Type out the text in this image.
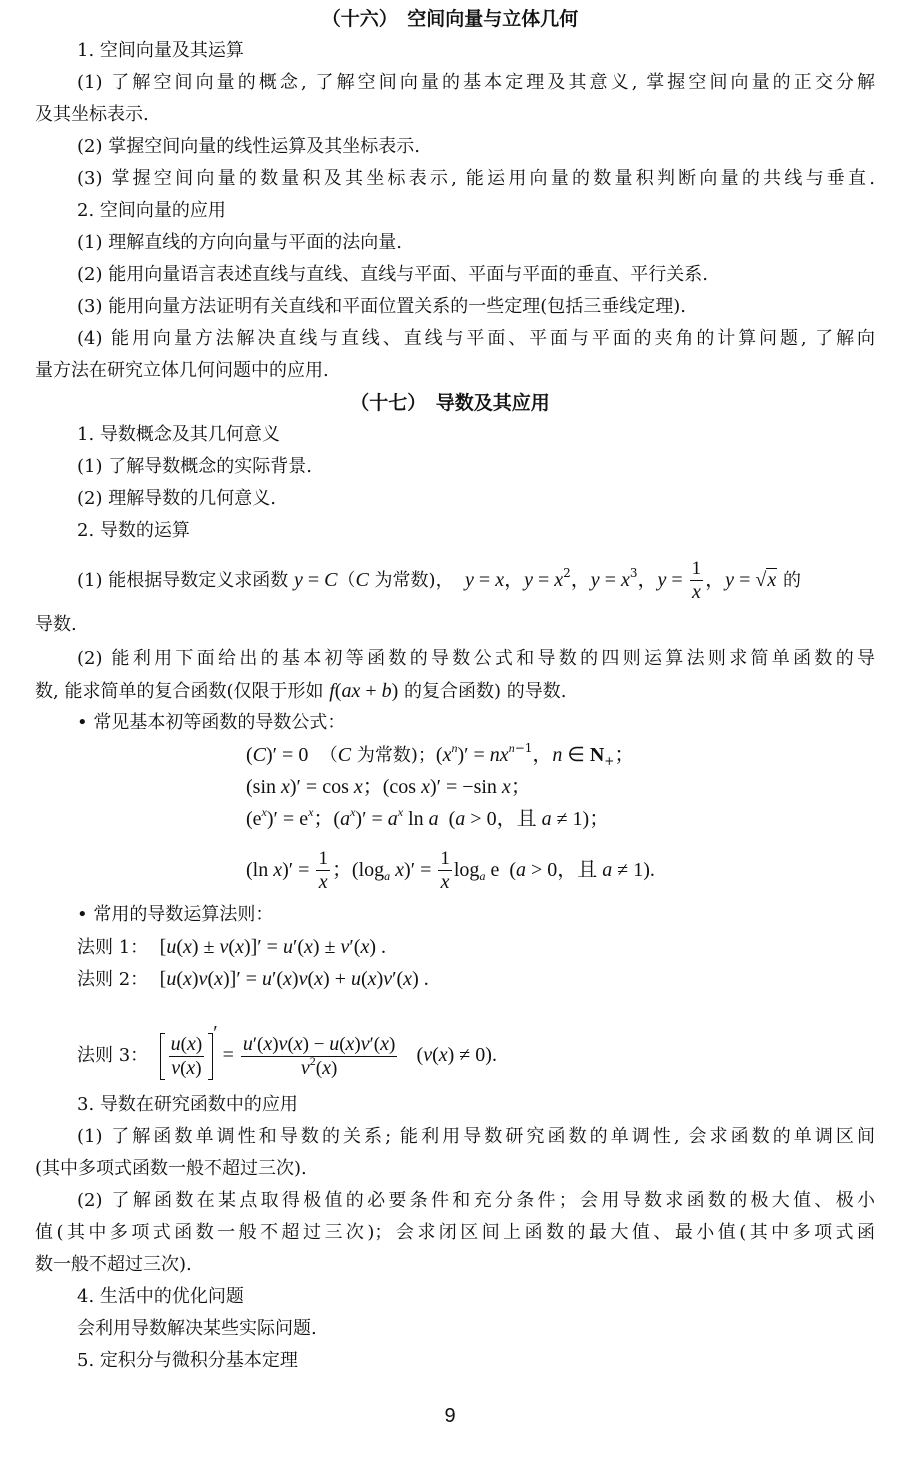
（十六）　空间向量与立体几何
1. 空间向量及其运算
(1) 了解空间向量的概念, 了解空间向量的基本定理及其意义, 掌握空间向量的正交分解
及其坐标表示.
(2) 掌握空间向量的线性运算及其坐标表示.
(3) 掌握空间向量的数量积及其坐标表示, 能运用向量的数量积判断向量的共线与垂直.
2. 空间向量的应用
(1) 理解直线的方向向量与平面的法向量.
(2) 能用向量语言表述直线与直线、直线与平面、平面与平面的垂直、平行关系.
(3) 能用向量方法证明有关直线和平面位置关系的一些定理(包括三垂线定理).
(4) 能用向量方法解决直线与直线、直线与平面、平面与平面的夹角的计算问题, 了解向
量方法在研究立体几何问题中的应用.
（十七）　导数及其应用
1. 导数概念及其几何意义
(1) 了解导数概念的实际背景.
(2) 理解导数的几何意义.
2. 导数的运算
(1) 能根据导数定义求函数 y = C（C 为常数)， y = x，$y = x^2$，$y = x^3$，$y = \frac{1}{x}$ ，y = √x 的
导数.
(2) 能利用下面给出的基本初等函数的导数公式和导数的四则运算法则求简单函数的导
数, 能求简单的复合函数(仅限于形如 f(ax + b) 的复合函数) 的导数.
• 常见基本初等函数的导数公式：
(C)′ = 0 （C 为常数)；$(x^n)' = nx^{n-1}$，n ∈ $N_+$；
(sin x)′ = cos x；(cos x)′ = −sin x；
$(e^x)' = e^x$；$(a^x)' = a^x$ ln a  (a > 0，且 a ≠ 1)；
(ln $x)' = \frac{1}{x}$ ；($\log_a$ $x)' = \frac{1}{x} \log_a e$  (a > 0，且 a ≠ 1).
• 常用的导数运算法则：
法则 1： [u(x) ± v(x)]′ = u′(x) ± v′(x) .
法则 2： [u(x)v(x)]′ = u′(x)v(x) + u(x)v′(x) .
法则 3： $\frac{u(x)}{v(x)}$ ′ = $\frac{u'(x)v(x) - u(x)v'(x)}{v^2(x)} (v(x) \ne 0)$.
3. 导数在研究函数中的应用
(1) 了解函数单调性和导数的关系; 能利用导数研究函数的单调性, 会求函数的单调区间
(其中多项式函数一般不超过三次).
(2) 了解函数在某点取得极值的必要条件和充分条件；会用导数求函数的极大值、极小
值(其中多项式函数一般不超过三次)；会求闭区间上函数的最大值、最小值(其中多项式函
数一般不超过三次).
4. 生活中的优化问题
会利用导数解决某些实际问题.
5. 定积分与微积分基本定理
9
